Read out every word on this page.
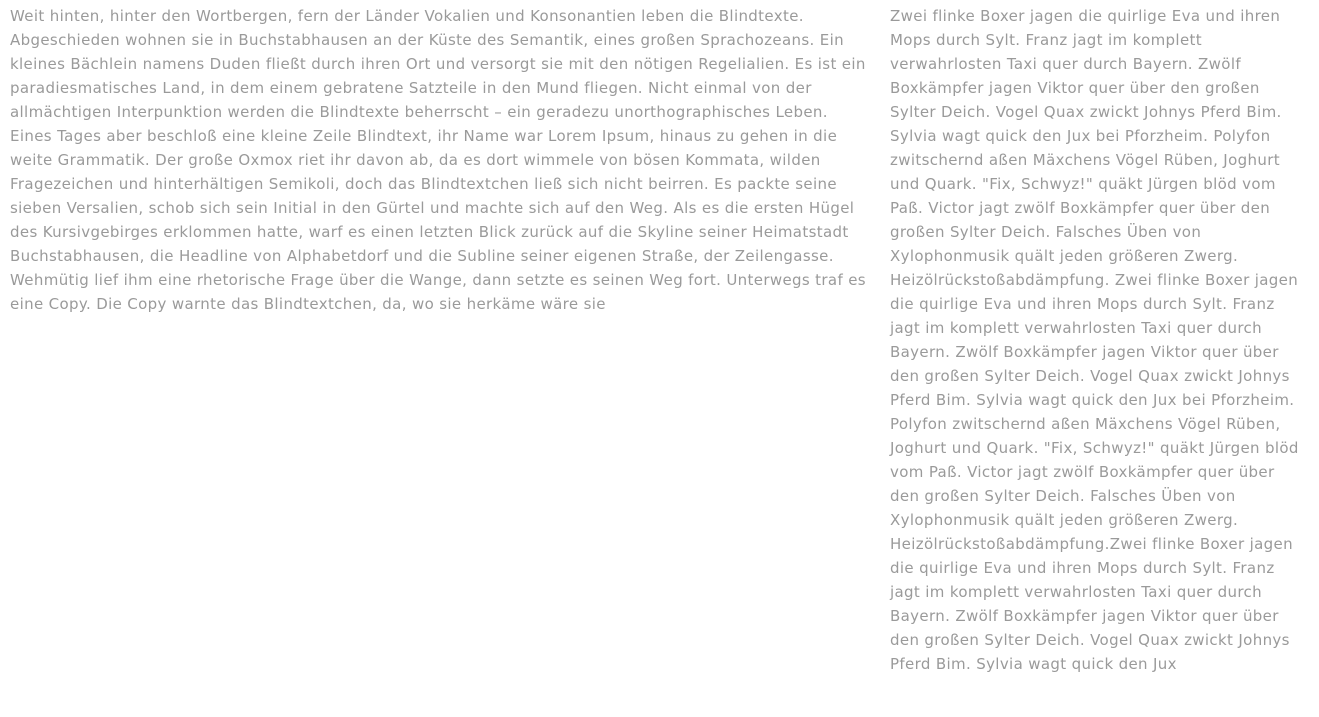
Weit hinten, hinter den Wortbergen, fern der Länder Vokalien und Konsonantien leben die Blindtexte. Abgeschieden wohnen sie in Buchstabhausen an der Küste des Semantik, eines großen Sprachozeans. Ein kleines Bächlein namens Duden fließt durch ihren Ort und versorgt sie mit den nötigen Regelialien. Es ist ein paradiesmatisches Land, in dem einem gebratene Satzteile in den Mund fliegen. Nicht einmal von der allmächtigen Interpunktion werden die Blindtexte beherrscht – ein geradezu unorthographisches Leben. Eines Tages aber beschloß eine kleine Zeile Blindtext, ihr Name war Lorem Ipsum, hinaus zu gehen in die weite Grammatik. Der große Oxmox riet ihr davon ab, da es dort wimmele von bösen Kommata, wilden Fragezeichen und hinterhältigen Semikoli, doch das Blindtextchen ließ sich nicht beirren. Es packte seine sieben Versalien, schob sich sein Initial in den Gürtel und machte sich auf den Weg. Als es die ersten Hügel des Kursivgebirges erklommen hatte, warf es einen letzten Blick zurück auf die Skyline seiner Heimatstadt Buchstabhausen, die Headline von Alphabetdorf und die Subline seiner eigenen Straße, der Zeilengasse. Wehmütig lief ihm eine rhetorische Frage über die Wange, dann setzte es seinen Weg fort. Unterwegs traf es eine Copy. Die Copy warnte das Blindtextchen, da, wo sie herkäme wäre sie

Zwei flinke Boxer jagen die quirlige Eva und ihren Mops durch Sylt. Franz jagt im komplett verwahrlosten Taxi quer durch Bayern. Zwölf Boxkämpfer jagen Viktor quer über den großen Sylter Deich. Vogel Quax zwickt Johnys Pferd Bim. Sylvia wagt quick den Jux bei Pforzheim. Polyfon zwitschernd aßen Mäxchens Vögel Rüben, Joghurt und Quark. "Fix, Schwyz!" quäkt Jürgen blöd vom Paß. Victor jagt zwölf Boxkämpfer quer über den großen Sylter Deich. Falsches Üben von Xylophonmusik quält jeden größeren Zwerg. Heizölrückstoßabdämpfung. Zwei flinke Boxer jagen die quirlige Eva und ihren Mops durch Sylt. Franz jagt im komplett verwahrlosten Taxi quer durch Bayern. Zwölf Boxkämpfer jagen Viktor quer über den großen Sylter Deich. Vogel Quax zwickt Johnys Pferd Bim. Sylvia wagt quick den Jux bei Pforzheim. Polyfon zwitschernd aßen Mäxchens Vögel Rüben, Joghurt und Quark. "Fix, Schwyz!" quäkt Jürgen blöd vom Paß. Victor jagt zwölf Boxkämpfer quer über den großen Sylter Deich. Falsches Üben von Xylophonmusik quält jeden größeren Zwerg. Heizölrückstoßabdämpfung.Zwei flinke Boxer jagen die quirlige Eva und ihren Mops durch Sylt. Franz jagt im komplett verwahrlosten Taxi quer durch Bayern. Zwölf Boxkämpfer jagen Viktor quer über den großen Sylter Deich. Vogel Quax zwickt Johnys Pferd Bim. Sylvia wagt quick den Jux
